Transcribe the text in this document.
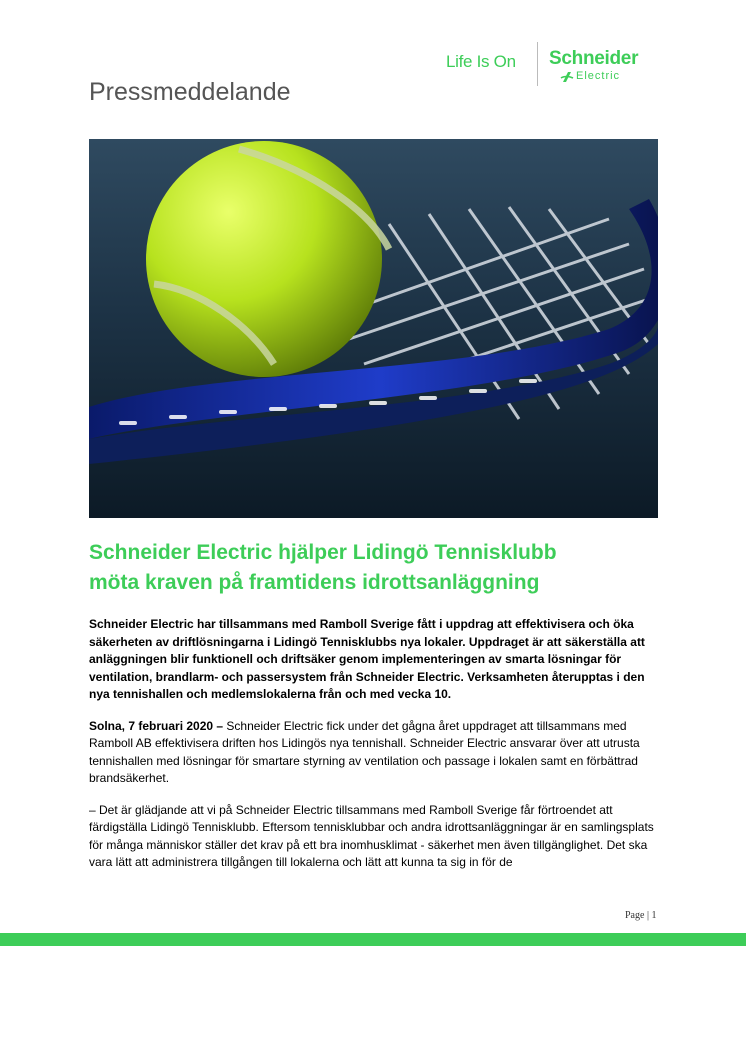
Pressmeddelande
Life Is On Schneider
Electric
Schneider Electric hjälper Lidingö Tennisklubb
möta kraven på framtidens idrottsanläggning

Schneider Electric har tillsammans med Ramboll Sverige fått i uppdrag att effektivisera och öka säkerheten av driftlösningarna i Lidingö Tennisklubbs nya lokaler. Uppdraget är att säkerställa att anläggningen blir funktionell och driftsäker genom implementeringen av smarta lösningar för ventilation, brandlarm- och passersystem från Schneider Electric. Verksamheten återupptas i den nya tennishallen och medlemslokalerna från och med vecka 10.

Solna, 7 februari 2020 – Schneider Electric fick under det gågna året uppdraget att tillsammans med Ramboll AB effektivisera driften hos Lidingös nya tennishall. Schneider Electric ansvarar över att utrusta tennishallen med lösningar för smartare styrning av ventilation och passage i lokalen samt en förbättrad brandsäkerhet.

– Det är glädjande att vi på Schneider Electric tillsammans med Ramboll Sverige får förtroendet att färdigställa Lidingö Tennisklubb. Eftersom tennisklubbar och andra idrottsanläggningar är en samlingsplats för många människor ställer det krav på ett bra inomhusklimat - säkerhet men även tillgänglighet. Det ska vara lätt att administrera tillgången till lokalerna och lätt att kunna ta sig in för de

Page | 1
